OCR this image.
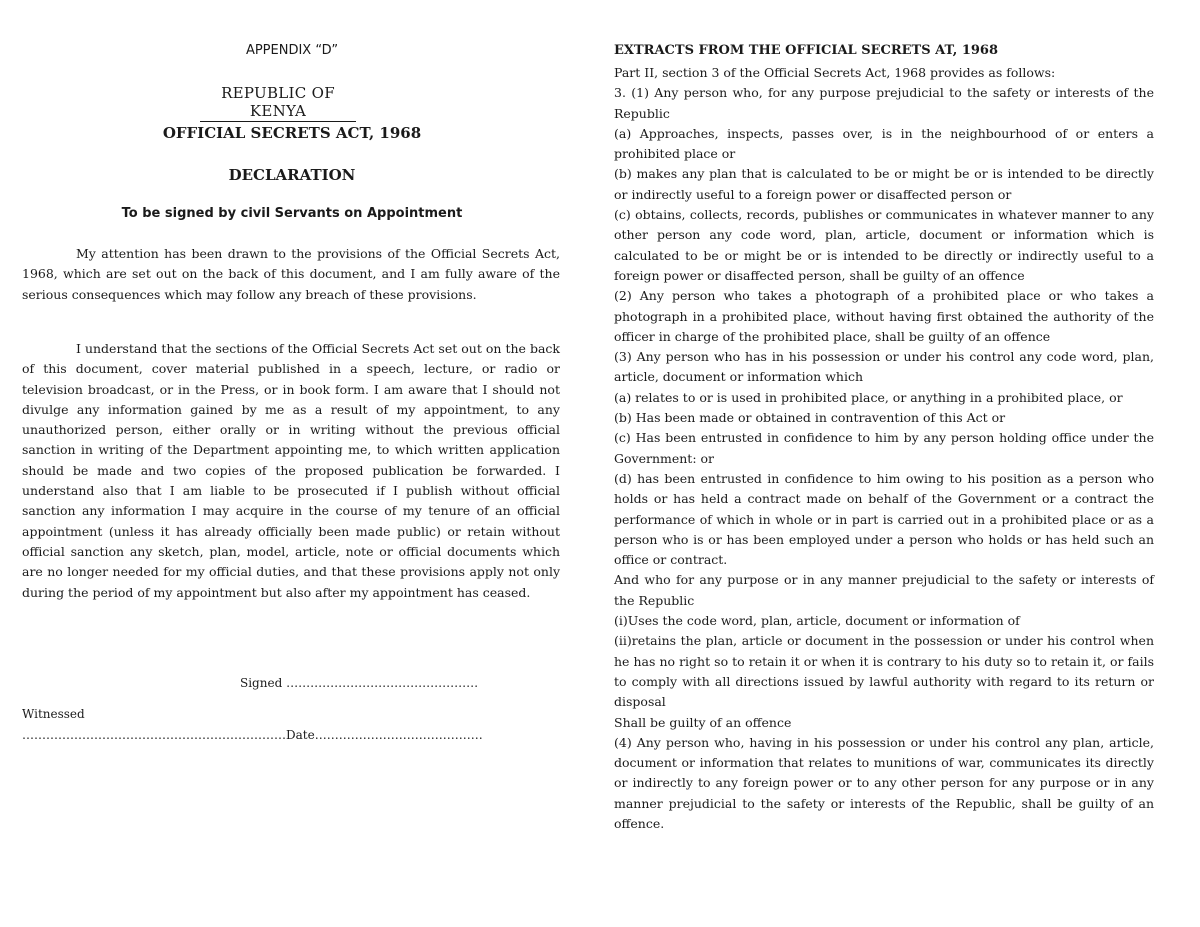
APPENDIX “D”
REPUBLIC OF KENYA
OFFICIAL SECRETS ACT, 1968
DECLARATION
To be signed by civil Servants on Appointment

My attention has been drawn to the provisions of the Official Secrets Act, 1968, which are set out on the back of this document, and I am fully aware of the serious consequences which may follow any breach of these provisions.

I understand that the sections of the Official Secrets Act set out on the back of this document, cover material published in a speech, lecture, or radio or television broadcast, or in the Press, or in book form. I am aware that I should not divulge any information gained by me as a result of my appointment, to any unauthorized person, either orally or in writing without the previous official sanction in writing of the Department appointing me, to which written application should be made and two copies of the proposed publication be forwarded. I understand also that I am liable to be prosecuted if I publish without official sanction any information I may acquire in the course of my tenure of an official appointment (unless it has already officially been made public) or retain without official sanction any sketch, plan, model, article, note or official documents which are no longer needed for my official duties, and that these provisions apply not only during the period of my appointment but also after my appointment has ceased.

Signed …………………………………………
Witnessed
…………………………………………………………Date……………………………………
EXTRACTS FROM THE OFFICIAL SECRETS AT, 1968

Part II, section 3 of the Official Secrets Act, 1968 provides as follows:

3. (1) Any person who, for any purpose prejudicial to the safety or interests of the Republic

(a) Approaches, inspects, passes over, is in the neighbourhood of or enters a prohibited place or

(b) makes any plan that is calculated to be or might be or is intended to be directly or indirectly useful to a foreign power or disaffected person or

(c) obtains, collects, records, publishes or communicates in whatever manner to any other person any code word, plan, article, document or information which is calculated to be or might be or is intended to be directly or indirectly useful to a foreign power or disaffected person, shall be guilty of an offence

(2) Any person who takes a photograph of a prohibited place or who takes a photograph in a prohibited place, without having first obtained the authority of the officer in charge of the prohibited place, shall be guilty of an offence

(3) Any person who has in his possession or under his control any code word, plan, article, document or information which

(a) relates to or is used in prohibited place, or anything in a prohibited place, or

(b) Has been made or obtained in contravention of this Act or

(c) Has been entrusted in confidence to him by any person holding office under the Government: or

(d) has been entrusted in confidence to him owing to his position as a person who holds or has held a contract made on behalf of the Government or a contract the performance of which in whole or in part is carried out in a prohibited place or as a person who is or has been employed under a person who holds or has held such an office or contract.

And who for any purpose or in any manner prejudicial to the safety or interests of the Republic

(i)Uses the code word, plan, article, document or information of

(ii)retains the plan, article or document in the possession or under his control when he has no right so to retain it or when it is contrary to his duty so to retain it, or fails to comply with all directions issued by lawful authority with regard to its return or disposal

Shall be guilty of an offence

(4) Any person who, having in his possession or under his control any plan, article, document or information that relates to munitions of war, communicates its directly or indirectly to any foreign power or to any other person for any purpose or in any manner prejudicial to the safety or interests of the Republic, shall be guilty of an offence.
